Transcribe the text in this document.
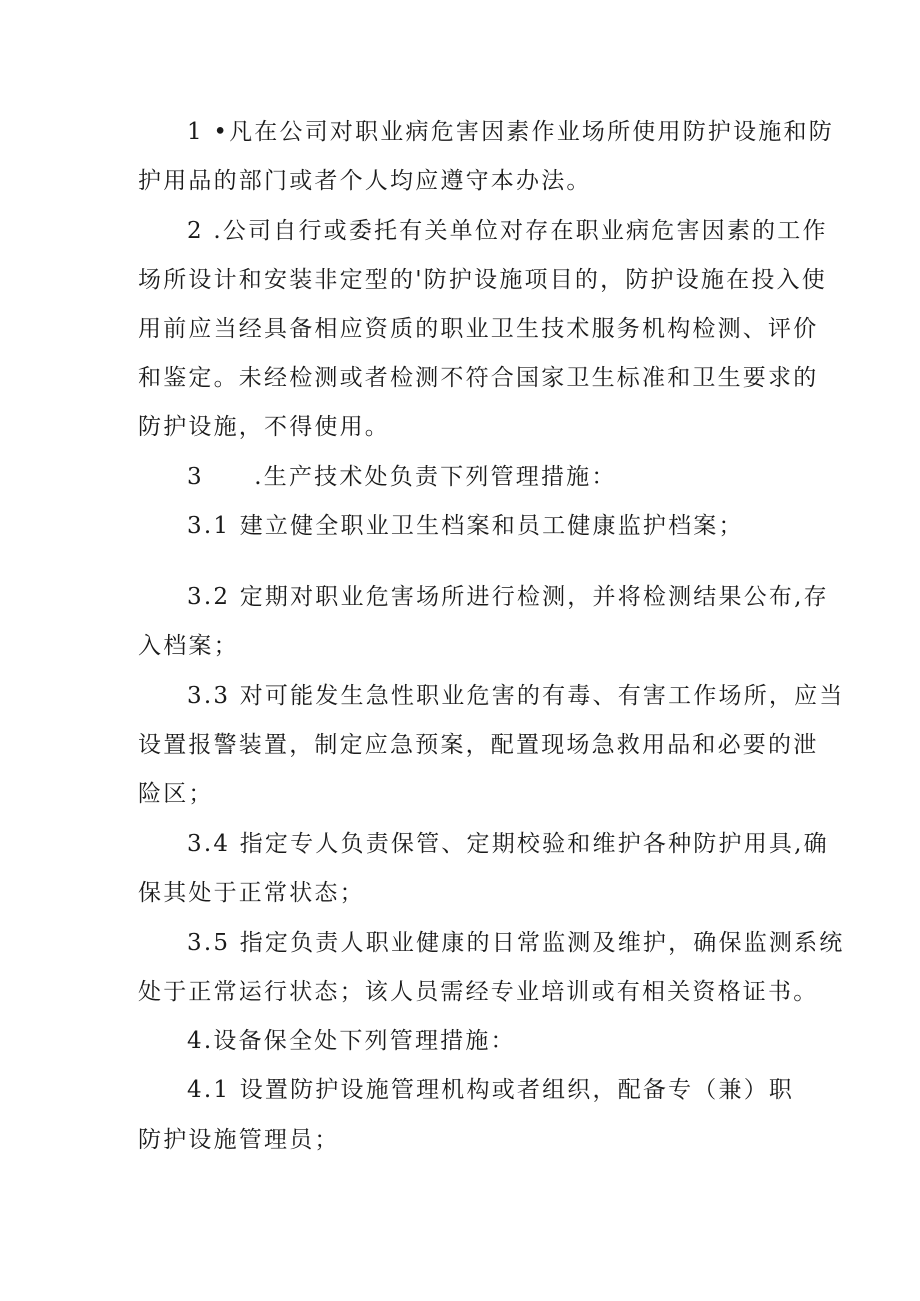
1 •凡在公司对职业病危害因素作业场所使用防护设施和防
护用品的部门或者个人均应遵守本办法。
2 .公司自行或委托有关单位对存在职业病危害因素的工作
场所设计和安装非定型的'防护设施项目的，防护设施在投入使
用前应当经具备相应资质的职业卫生技术服务机构检测、评价
和鉴定。未经检测或者检测不符合国家卫生标准和卫生要求的
防护设施，不得使用。
3　　.生产技术处负责下列管理措施：
3.1 建立健全职业卫生档案和员工健康监护档案；
3.2 定期对职业危害场所进行检测，并将检测结果公布,存
入档案；
3.3 对可能发生急性职业危害的有毒、有害工作场所，应当
设置报警装置，制定应急预案，配置现场急救用品和必要的泄
险区；
3.4 指定专人负责保管、定期校验和维护各种防护用具,确
保其处于正常状态；
3.5 指定负责人职业健康的日常监测及维护，确保监测系统
处于正常运行状态；该人员需经专业培训或有相关资格证书。
4.设备保全处下列管理措施：
4.1 设置防护设施管理机构或者组织，配备专（兼）职
防护设施管理员；
